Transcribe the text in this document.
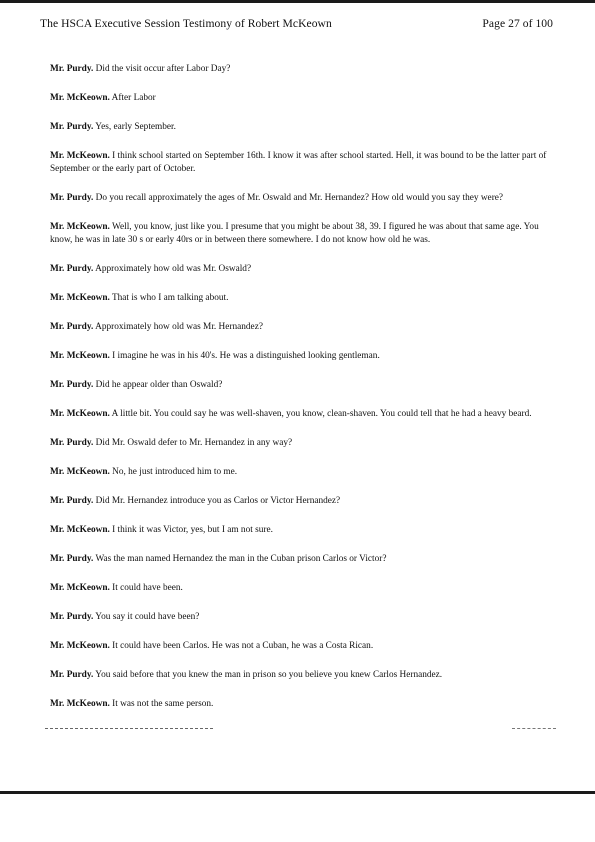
The HSCA Executive Session Testimony of Robert McKeown	Page 27 of 100

Mr. Purdy. Did the visit occur after Labor Day?

Mr. McKeown. After Labor

Mr. Purdy. Yes, early September.

Mr. McKeown. I think school started on September 16th. I know it was after school started. Hell, it was bound to be the latter part of September or the early part of October.

Mr. Purdy. Do you recall approximately the ages of Mr. Oswald and Mr. Hernandez? How old would you say they were?

Mr. McKeown. Well, you know, just like you. I presume that you might be about 38, 39. I figured he was about that same age. You know, he was in late 30 s or early 40rs or in between there somewhere. I do not know how old he was.

Mr. Purdy. Approximately how old was Mr. Oswald?

Mr. McKeown. That is who I am talking about.

Mr. Purdy. Approximately how old was Mr. Hernandez?

Mr. McKeown. I imagine he was in his 40's. He was a distinguished looking gentleman.

Mr. Purdy. Did he appear older than Oswald?

Mr. McKeown. A little bit. You could say he was well-shaven, you know, clean-shaven. You could tell that he had a heavy beard.

Mr. Purdy. Did Mr. Oswald defer to Mr. Hernandez in any way?

Mr. McKeown. No, he just introduced him to me.

Mr. Purdy. Did Mr. Hernandez introduce you as Carlos or Victor Hernandez?

Mr. McKeown. I think it was Victor, yes, but I am not sure.

Mr. Purdy. Was the man named Hernandez the man in the Cuban prison Carlos or Victor?

Mr. McKeown. It could have been.

Mr. Purdy. You say it could have been?

Mr. McKeown. It could have been Carlos. He was not a Cuban, he was a Costa Rican.

Mr. Purdy. You said before that you knew the man in prison so you believe you knew Carlos Hernandez.

Mr. McKeown. It was not the same person.
